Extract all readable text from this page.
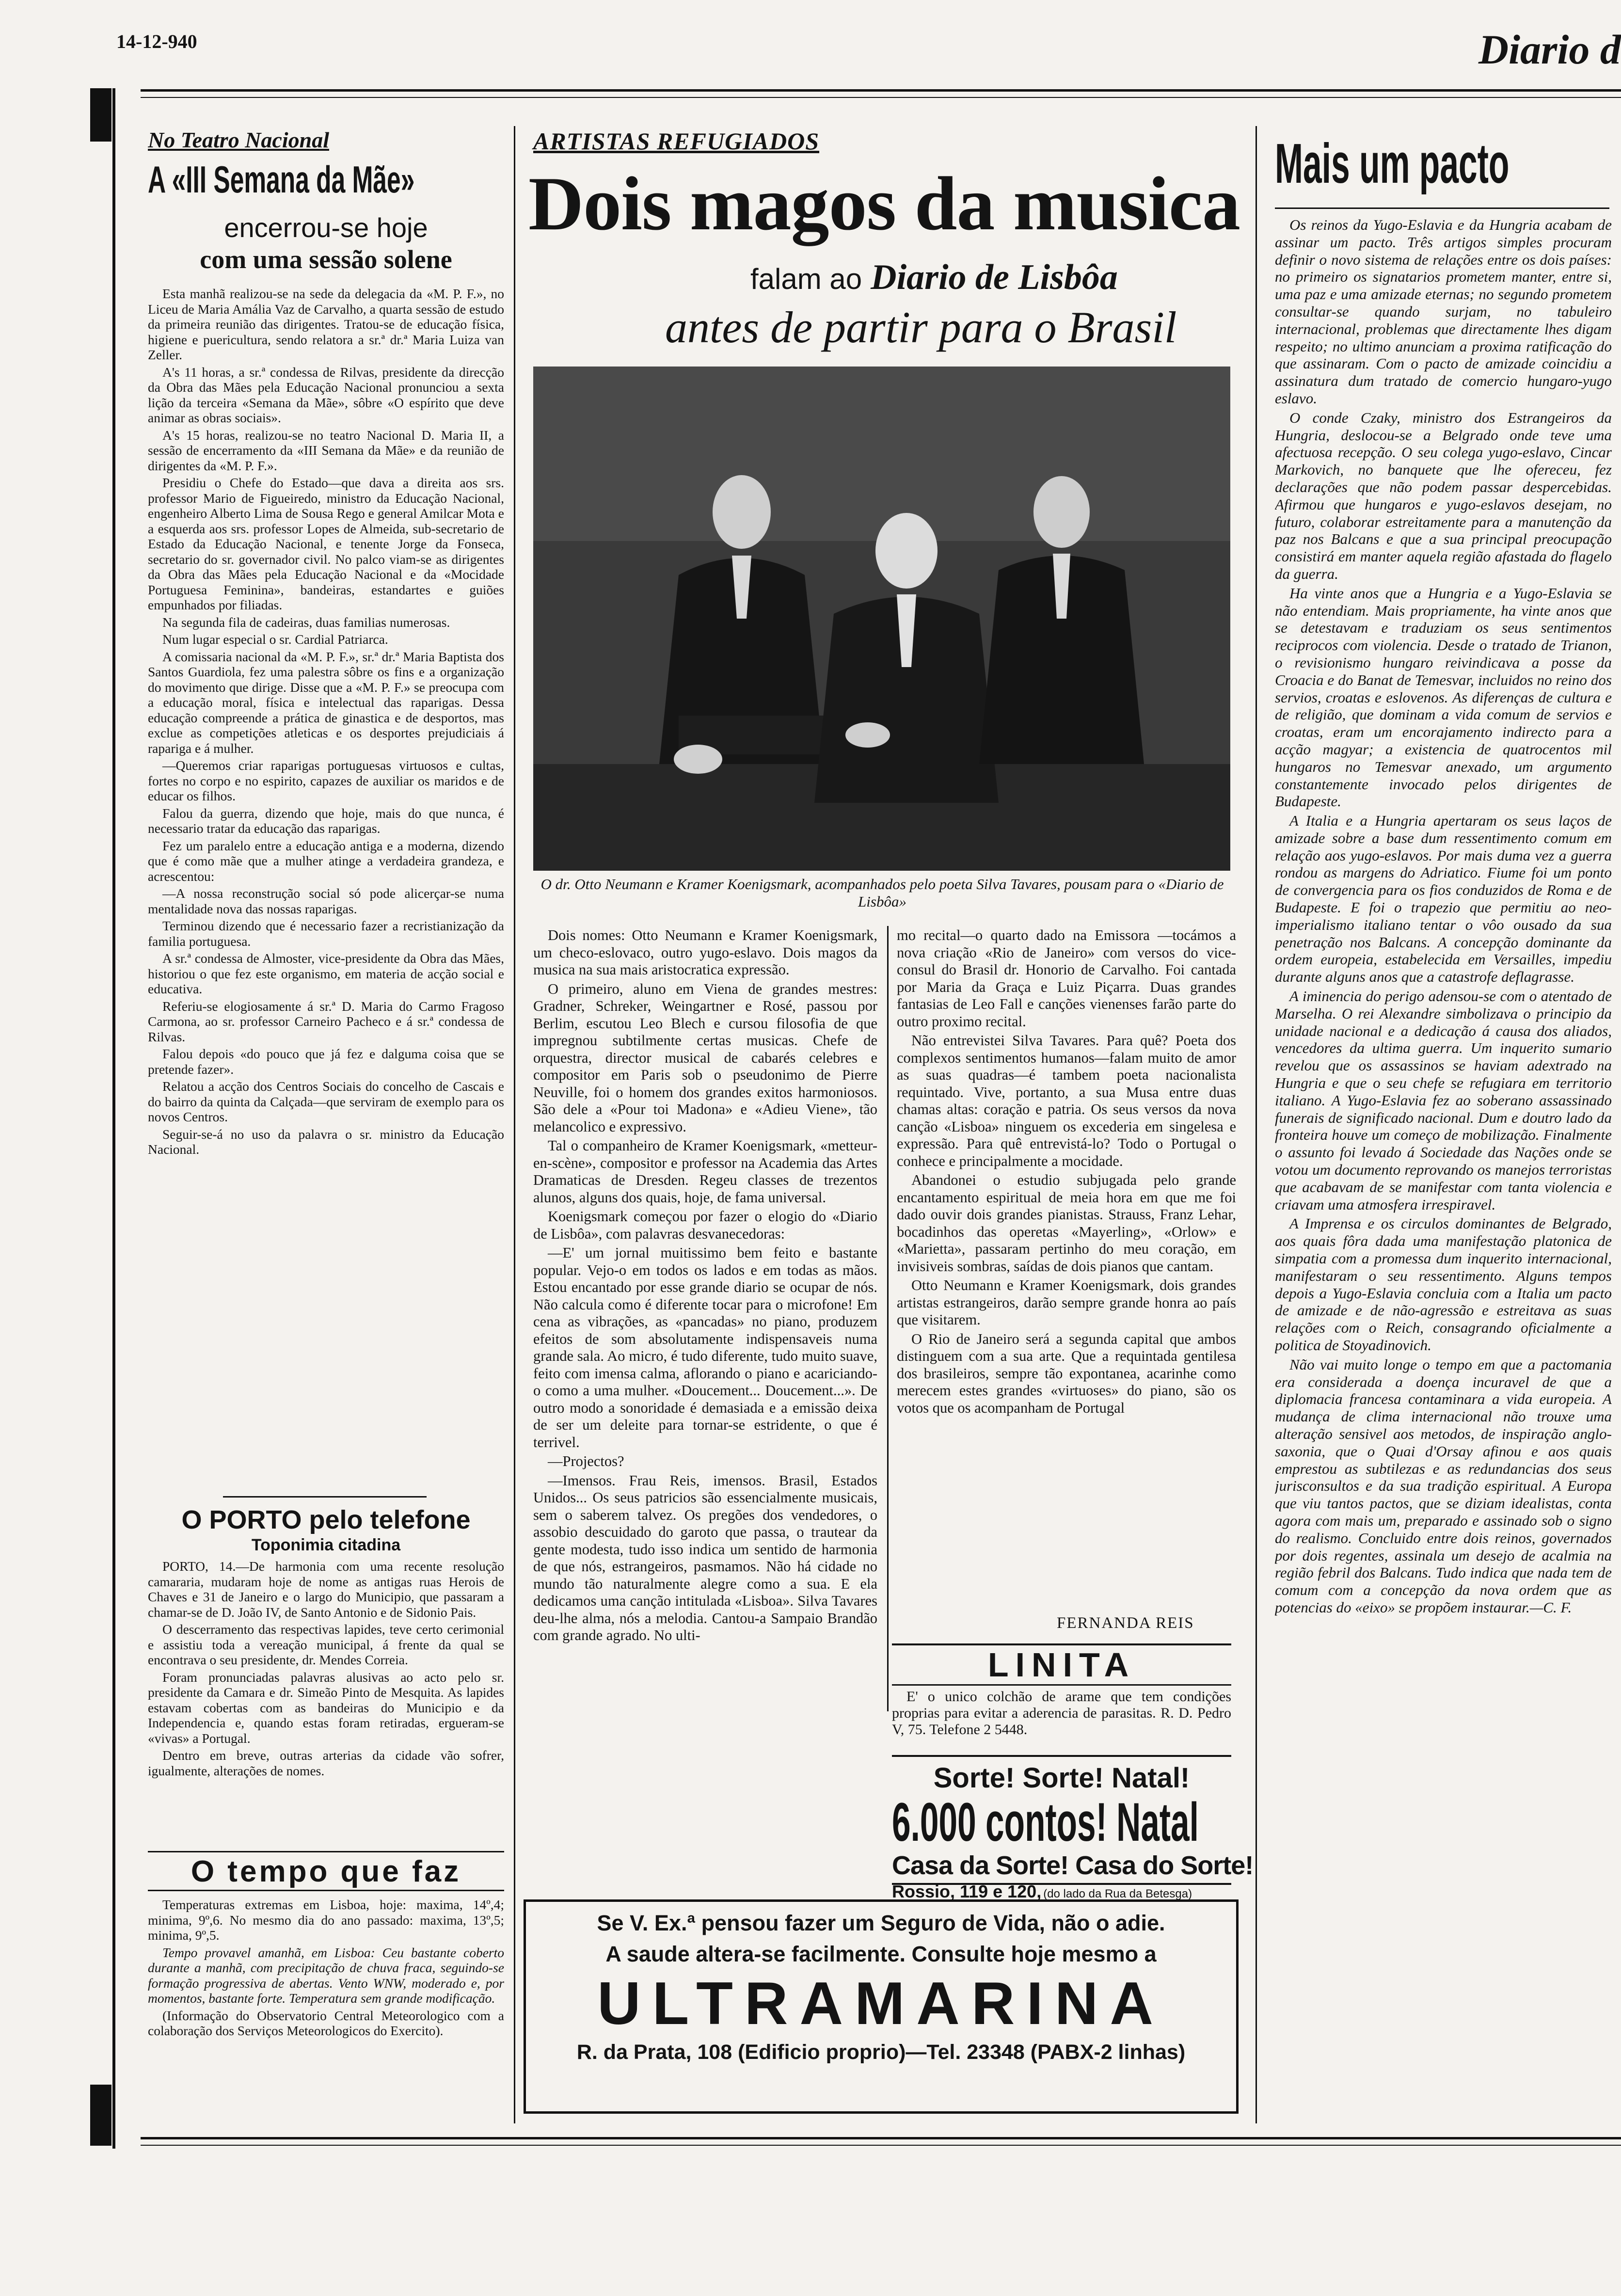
14-12-940	Diario d
No Teatro Nacional
A «III Semana da Mãe»
encerrou-se hoje
com uma sessão solene

Esta manhã realizou-se na sede da delegacia da «M. P. F.», no Liceu de Maria Amália Vaz de Carvalho, a quarta sessão de estudo da primeira reunião das dirigentes. Tratou-se de educação física, higiene e puericultura, sendo relatora a sr.ª dr.ª Maria Luiza van Zeller.

A's 11 horas, a sr.ª condessa de Rilvas, presidente da direcção da Obra das Mães pela Educação Nacional pronunciou a sexta lição da terceira «Semana da Mãe», sôbre «O espírito que deve animar as obras sociais».

A's 15 horas, realizou-se no teatro Nacional D. Maria II, a sessão de encerramento da «III Semana da Mãe» e da reunião de dirigentes da «M. P. F.».

Presidiu o Chefe do Estado—que dava a direita aos srs. professor Mario de Figueiredo, ministro da Educação Nacional, engenheiro Alberto Lima de Sousa Rego e general Amilcar Mota e a esquerda aos srs. professor Lopes de Almeida, sub-secretario de Estado da Educação Nacional, e tenente Jorge da Fonseca, secretario do sr. governador civil. No palco viam-se as dirigentes da Obra das Mães pela Educação Nacional e da «Mocidade Portuguesa Feminina», bandeiras, estandartes e guiões empunhados por filiadas.

Na segunda fila de cadeiras, duas familias numerosas.

Num lugar especial o sr. Cardial Patriarca.

A comissaria nacional da «M. P. F.», sr.ª dr.ª Maria Baptista dos Santos Guardiola, fez uma palestra sôbre os fins e a organização do movimento que dirige. Disse que a «M. P. F.» se preocupa com a educação moral, física e intelectual das raparigas. Dessa educação compreende a prática de ginastica e de desportos, mas exclue as competições atleticas e os desportes prejudiciais á rapariga e á mulher.

—Queremos criar raparigas portuguesas virtuosos e cultas, fortes no corpo e no espirito, capazes de auxiliar os maridos e de educar os filhos.

Falou da guerra, dizendo que hoje, mais do que nunca, é necessario tratar da educação das raparigas.

Fez um paralelo entre a educação antiga e a moderna, dizendo que é como mãe que a mulher atinge a verdadeira grandeza, e acrescentou:

—A nossa reconstrução social só pode alicerçar-se numa mentalidade nova das nossas raparigas.

Terminou dizendo que é necessario fazer a recristianização da familia portuguesa.

A sr.ª condessa de Almoster, vice-presidente da Obra das Mães, historiou o que fez este organismo, em materia de acção social e educativa.

Referiu-se elogiosamente á sr.ª D. Maria do Carmo Fragoso Carmona, ao sr. professor Carneiro Pacheco e á sr.ª condessa de Rilvas.

Falou depois «do pouco que já fez e dalguma coisa que se pretende fazer».

Relatou a acção dos Centros Sociais do concelho de Cascais e do bairro da quinta da Calçada—que serviram de exemplo para os novos Centros.

Seguir-se-á no uso da palavra o sr. ministro da Educação Nacional.

O PORTO pelo telefone
Toponimia citadina

PORTO, 14.—De harmonia com uma recente resolução camararia, mudaram hoje de nome as antigas ruas Herois de Chaves e 31 de Janeiro e o largo do Municipio, que passaram a chamar-se de D. João IV, de Santo Antonio e de Sidonio Pais.

O descerramento das respectivas lapides, teve certo cerimonial e assistiu toda a vereação municipal, á frente da qual se encontrava o seu presidente, dr. Mendes Correia.

Foram pronunciadas palavras alusivas ao acto pelo sr. presidente da Camara e dr. Simeão Pinto de Mesquita. As lapides estavam cobertas com as bandeiras do Municipio e da Independencia e, quando estas foram retiradas, ergueram-se «vivas» a Portugal.

Dentro em breve, outras arterias da cidade vão sofrer, igualmente, alterações de nomes.

O tempo que faz

Temperaturas extremas em Lisboa, hoje: maxima, 14º,4; minima, 9º,6. No mesmo dia do ano passado: maxima, 13º,5; minima, 9º,5.

Tempo provavel amanhã, em Lisboa: Ceu bastante coberto durante a manhã, com precipitação de chuva fraca, seguindo-se formação progressiva de abertas. Vento WNW, moderado e, por momentos, bastante forte. Temperatura sem grande modificação.

(Informação do Observatorio Central Meteorologico com a colaboração dos Serviços Meteorologicos do Exercito).

ARTISTAS REFUGIADOS
Dois magos da musica
falam ao Diario de Lisbôa
antes de partir para o Brasil
O dr. Otto Neumann e Kramer Koenigsmark, acompanhados pelo poeta Silva Tavares, pousam para o «Diario de Lisbôa»

Dois nomes: Otto Neumann e Kramer Koenigsmark, um checo-eslovaco, outro yugo-eslavo. Dois magos da musica na sua mais aristocratica expressão.

O primeiro, aluno em Viena de grandes mestres: Gradner, Schreker, Weingartner e Rosé, passou por Berlim, escutou Leo Blech e cursou filosofia de que impregnou subtilmente certas musicas. Chefe de orquestra, director musical de cabarés celebres e compositor em Paris sob o pseudonimo de Pierre Neuville, foi o homem dos grandes exitos harmoniosos. São dele a «Pour toi Madona» e «Adieu Viene», tão melancolico e expressivo.

Tal o companheiro de Kramer Koenigsmark, «metteur-en-scène», compositor e professor na Academia das Artes Dramaticas de Dresden. Regeu classes de trezentos alunos, alguns dos quais, hoje, de fama universal.

Koenigsmark começou por fazer o elogio do «Diario de Lisbôa», com palavras desvanecedoras:

—E' um jornal muitissimo bem feito e bastante popular. Vejo-o em todos os lados e em todas as mãos. Estou encantado por esse grande diario se ocupar de nós. Não calcula como é diferente tocar para o microfone! Em cena as vibrações, as «pancadas» no piano, produzem efeitos de som absolutamente indispensaveis numa grande sala. Ao micro, é tudo diferente, tudo muito suave, feito com imensa calma, aflorando o piano e acariciando-o como a uma mulher. «Doucement... Doucement...». De outro modo a sonoridade é demasiada e a emissão deixa de ser um deleite para tornar-se estridente, o que é terrivel.

—Projectos?

—Imensos. Frau Reis, imensos. Brasil, Estados Unidos... Os seus patricios são essencialmente musicais, sem o saberem talvez. Os pregões dos vendedores, o assobio descuidado do garoto que passa, o trautear da gente modesta, tudo isso indica um sentido de harmonia de que nós, estrangeiros, pasmamos. Não há cidade no mundo tão naturalmente alegre como a sua. E ela dedicamos uma canção intitulada «Lisboa». Silva Tavares deu-lhe alma, nós a melodia. Cantou-a Sampaio Brandão com grande agrado. No ulti-

mo recital—o quarto dado na Emissora —tocámos a nova criação «Rio de Janeiro» com versos do vice-consul do Brasil dr. Honorio de Carvalho. Foi cantada por Maria da Graça e Luiz Piçarra. Duas grandes fantasias de Leo Fall e canções vienenses farão parte do outro proximo recital.

Não entrevistei Silva Tavares. Para quê? Poeta dos complexos sentimentos humanos—falam muito de amor as suas quadras—é tambem poeta nacionalista requintado. Vive, portanto, a sua Musa entre duas chamas altas: coração e patria. Os seus versos da nova canção «Lisboa» ninguem os excederia em singelesa e expressão. Para quê entrevistá-lo? Todo o Portugal o conhece e principalmente a mocidade.

Abandonei o estudio subjugada pelo grande encantamento espiritual de meia hora em que me foi dado ouvir dois grandes pianistas. Strauss, Franz Lehar, bocadinhos das operetas «Mayerling», «Orlow» e «Marietta», passaram pertinho do meu coração, em invisiveis sombras, saídas de dois pianos que cantam.

Otto Neumann e Kramer Koenigsmark, dois grandes artistas estrangeiros, darão sempre grande honra ao país que visitarem.

O Rio de Janeiro será a segunda capital que ambos distinguem com a sua arte. Que a requintada gentilesa dos brasileiros, sempre tão expontanea, acarinhe como merecem estes grandes «virtuoses» do piano, são os votos que os acompanham de Portugal

FERNANDA REIS
LINITA
E' o unico colchão de arame que tem condições proprias para evitar a aderencia de parasitas. R. D. Pedro V, 75. Telefone 2 5448.
Sorte! Sorte! Natal!
6.000 contos! Natal
Casa da Sorte! Casa do Sorte!
Rossio, 119 e 120, (do lado da Rua da Betesga)
Se V. Ex.ª pensou fazer um Seguro de Vida, não o adie.
A saude altera-se facilmente. Consulte hoje mesmo a
ULTRAMARINA
R. da Prata, 108 (Edificio proprio)—Tel. 23348 (PABX-2 linhas)
Mais um pacto

Os reinos da Yugo-Eslavia e da Hungria acabam de assinar um pacto. Três artigos simples procuram definir o novo sistema de relações entre os dois países: no primeiro os signatarios prometem manter, entre si, uma paz e uma amizade eternas; no segundo prometem consultar-se quando surjam, no tabuleiro internacional, problemas que directamente lhes digam respeito; no ultimo anunciam a proxima ratificação do que assinaram. Com o pacto de amizade coincidiu a assinatura dum tratado de comercio hungaro-yugo eslavo.

O conde Czaky, ministro dos Estrangeiros da Hungria, deslocou-se a Belgrado onde teve uma afectuosa recepção. O seu colega yugo-eslavo, Cincar Markovich, no banquete que lhe ofereceu, fez declarações que não podem passar despercebidas. Afirmou que hungaros e yugo-eslavos desejam, no futuro, colaborar estreitamente para a manutenção da paz nos Balcans e que a sua principal preocupação consistirá em manter aquela região afastada do flagelo da guerra.

Ha vinte anos que a Hungria e a Yugo-Eslavia se não entendiam. Mais propriamente, ha vinte anos que se detestavam e traduziam os seus sentimentos reciprocos com violencia. Desde o tratado de Trianon, o revisionismo hungaro reivindicava a posse da Croacia e do Banat de Temesvar, incluidos no reino dos servios, croatas e eslovenos. As diferenças de cultura e de religião, que dominam a vida comum de servios e croatas, eram um encorajamento indirecto para a acção magyar; a existencia de quatrocentos mil hungaros no Temesvar anexado, um argumento constantemente invocado pelos dirigentes de Budapeste.

A Italia e a Hungria apertaram os seus laços de amizade sobre a base dum ressentimento comum em relação aos yugo-eslavos. Por mais duma vez a guerra rondou as margens do Adriatico. Fiume foi um ponto de convergencia para os fios conduzidos de Roma e de Budapeste. E foi o trapezio que permitiu ao neo-imperialismo italiano tentar o vôo ousado da sua penetração nos Balcans. A concepção dominante da ordem europeia, estabelecida em Versailles, impediu durante alguns anos que a catastrofe deflagrasse.

A iminencia do perigo adensou-se com o atentado de Marselha. O rei Alexandre simbolizava o principio da unidade nacional e a dedicação á causa dos aliados, vencedores da ultima guerra. Um inquerito sumario revelou que os assassinos se haviam adextrado na Hungria e que o seu chefe se refugiara em territorio italiano. A Yugo-Eslavia fez ao soberano assassinado funerais de significado nacional. Dum e doutro lado da fronteira houve um começo de mobilização. Finalmente o assunto foi levado á Sociedade das Nações onde se votou um documento reprovando os manejos terroristas que acabavam de se manifestar com tanta violencia e criavam uma atmosfera irrespiravel.

A Imprensa e os circulos dominantes de Belgrado, aos quais fôra dada uma manifestação platonica de simpatia com a promessa dum inquerito internacional, manifestaram o seu ressentimento. Alguns tempos depois a Yugo-Eslavia concluia com a Italia um pacto de amizade e de não-agressão e estreitava as suas relações com o Reich, consagrando oficialmente a politica de Stoyadinovich.

Não vai muito longe o tempo em que a pactomania era considerada a doença incuravel de que a diplomacia francesa contaminara a vida europeia. A mudança de clima internacional não trouxe uma alteração sensivel aos metodos, de inspiração anglo-saxonia, que o Quai d'Orsay afinou e aos quais emprestou as subtilezas e as redundancias dos seus jurisconsultos e da sua tradição espiritual. A Europa que viu tantos pactos, que se diziam idealistas, conta agora com mais um, preparado e assinado sob o signo do realismo. Concluido entre dois reinos, governados por dois regentes, assinala um desejo de acalmia na região febril dos Balcans. Tudo indica que nada tem de comum com a concepção da nova ordem que as potencias do «eixo» se propõem instaurar.—C. F.
